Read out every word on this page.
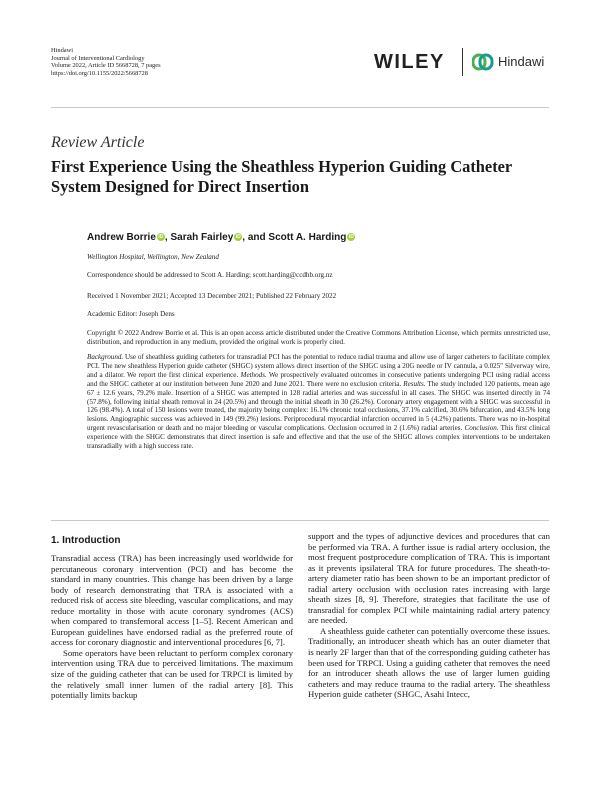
Hindawi
Journal of Interventional Cardiology
Volume 2022, Article ID 5668728, 7 pages
https://doi.org/10.1155/2022/5668728
WILEY	Hindawi
Review Article
First Experience Using the Sheathless Hyperion Guiding Catheter System Designed for Direct Insertion
Andrew Borrie iD , Sarah Fairley iD , and Scott A. Harding iD
Wellington Hospital, Wellington, New Zealand
Correspondence should be addressed to Scott A. Harding; scott.harding@ccdhb.org.nz
Received 1 November 2021; Accepted 13 December 2021; Published 22 February 2022
Academic Editor: Joseph Dens
Copyright © 2022 Andrew Borrie et al. This is an open access article distributed under the Creative Commons Attribution License, which permits unrestricted use, distribution, and reproduction in any medium, provided the original work is properly cited.

Background. Use of sheathless guiding catheters for transradial PCI has the potential to reduce radial trauma and allow use of larger catheters to facilitate complex PCI. The new sheathless Hyperion guide catheter (SHGC) system allows direct insertion of the SHGC using a 20G needle or IV cannula, a 0.025″ Silverway wire, and a dilator. We report the first clinical experience. Methods. We prospectively evaluated outcomes in consecutive patients undergoing PCI using radial access and the SHGC catheter at our institution between June 2020 and June 2021. There were no exclusion criteria. Results. The study included 120 patients, mean age 67 ± 12.6 years, 79.2% male. Insertion of a SHGC was attempted in 128 radial arteries and was successful in all cases. The SHGC was inserted directly in 74 (57.8%), following initial sheath removal in 24 (20.5%) and through the initial sheath in 30 (26.2%). Coronary artery engagement with a SHGC was successful in 126 (98.4%). A total of 150 lesions were treated, the majority being complex: 16.1% chronic total occlusions, 37.1% calcified, 30.6% bifurcation, and 43.5% long lesions. Angiographic success was achieved in 149 (99.2%) lesions. Periprocedural myocardial infarction occurred in 5 (4.2%) patients. There was no in-hospital urgent revascularisation or death and no major bleeding or vascular complications. Occlusion occurred in 2 (1.6%) radial arteries. Conclusion. This first clinical experience with the SHGC demonstrates that direct insertion is safe and effective and that the use of the SHGC allows complex interventions to be undertaken transradially with a high success rate.

1. Introduction

Transradial access (TRA) has been increasingly used worldwide for percutaneous coronary intervention (PCI) and has become the standard in many countries. This change has been driven by a large body of research demonstrating that TRA is associated with a reduced risk of access site bleeding, vascular complications, and may reduce mortality in those with acute coronary syndromes (ACS) when compared to transfemoral access [1–5]. Recent American and European guidelines have endorsed radial as the preferred route of access for coronary diagnostic and interventional procedures [6, 7].

Some operators have been reluctant to perform complex coronary intervention using TRA due to perceived limitations. The maximum size of the guiding catheter that can be used for TRPCI is limited by the relatively small inner lumen of the radial artery [8]. This potentially limits backup

support and the types of adjunctive devices and procedures that can be performed via TRA. A further issue is radial artery occlusion, the most frequent postprocedure complication of TRA. This is important as it prevents ipsilateral TRA for future procedures. The sheath-to-artery diameter ratio has been shown to be an important predictor of radial artery occlusion with occlusion rates increasing with large sheath sizes [8, 9]. Therefore, strategies that facilitate the use of transradial for complex PCI while maintaining radial artery patency are needed.

A sheathless guide catheter can potentially overcome these issues. Traditionally, an introducer sheath which has an outer diameter that is nearly 2F larger than that of the corresponding guiding catheter has been used for TRPCI. Using a guiding catheter that removes the need for an introducer sheath allows the use of larger lumen guiding catheters and may reduce trauma to the radial artery. The sheathless Hyperion guide catheter (SHGC, Asahi Intecc,
